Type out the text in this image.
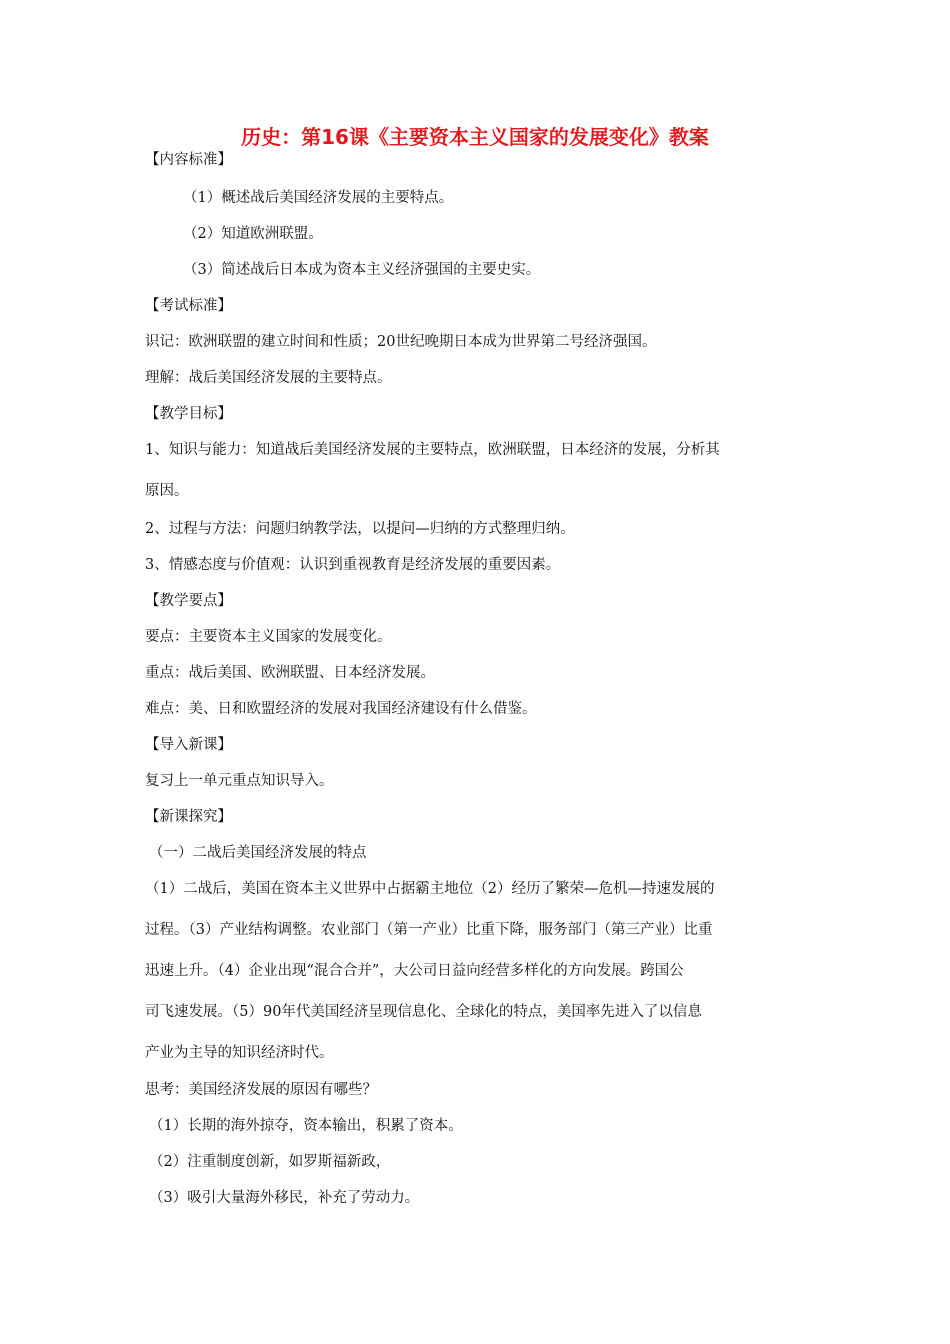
历史：第16课《主要资本主义国家的发展变化》教案
【内容标准】
（1）概述战后美国经济发展的主要特点。
（2）知道欧洲联盟。
（3）简述战后日本成为资本主义经济强国的主要史实。
【考试标准】
识记：欧洲联盟的建立时间和性质；20世纪晚期日本成为世界第二号经济强国。
理解：战后美国经济发展的主要特点。
【教学目标】
1、知识与能力：知道战后美国经济发展的主要特点，欧洲联盟，日本经济的发展，分析其
原因。
2、过程与方法：问题归纳教学法，以提问—归纳的方式整理归纳。
3、情感态度与价值观：认识到重视教育是经济发展的重要因素。
【教学要点】
要点：主要资本主义国家的发展变化。
重点：战后美国、欧洲联盟、日本经济发展。
难点：美、日和欧盟经济的发展对我国经济建设有什么借鉴。
【导入新课】
复习上一单元重点知识导入。
【新课探究】
（一）二战后美国经济发展的特点
（1）二战后，美国在资本主义世界中占据霸主地位（2）经历了繁荣—危机—持速发展的
过程。（3）产业结构调整。农业部门（第一产业）比重下降，服务部门（第三产业）比重
迅速上升。（4）企业出现“混合合并”，大公司日益向经营多样化的方向发展。跨国公
司飞速发展。（5）90年代美国经济呈现信息化、全球化的特点，美国率先进入了以信息
产业为主导的知识经济时代。
思考：美国经济发展的原因有哪些？
（1）长期的海外掠夺，资本输出，积累了资本。
（2）注重制度创新，如罗斯福新政，
（3）吸引大量海外移民，补充了劳动力。
